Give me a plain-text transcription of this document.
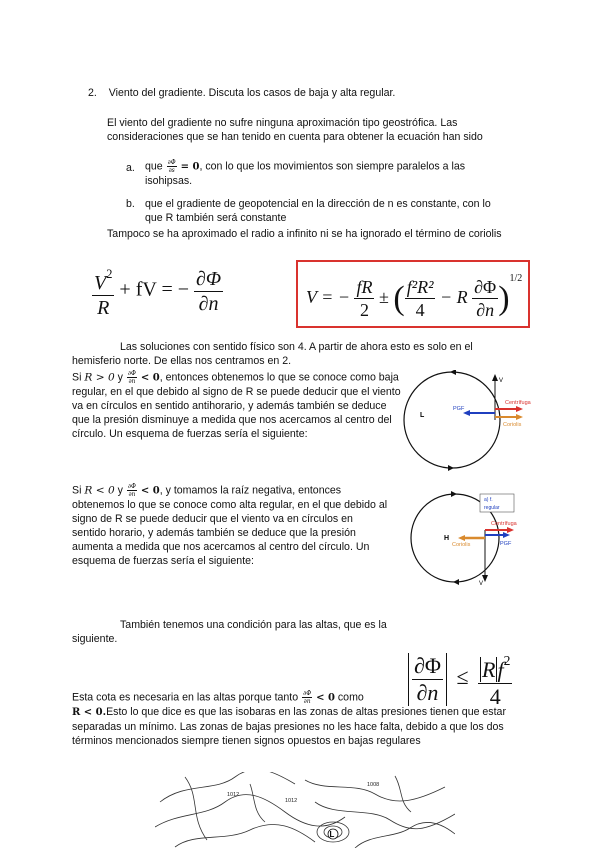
2. Viento del gradiente. Discuta los casos de baja y alta regular.
El viento del gradiente no sufre ninguna aproximación tipo geostrófica. Las consideraciones que se han tenido en cuenta para obtener la ecuación han sido
a. que $\frac{\partial\Phi}{\partial s} = 0$, con lo que los movimientos son siempre paralelos a las isohipsas.
b. que el gradiente de geopotencial en la dirección de n es constante, con lo que R también será constante
Tampoco se ha aproximado el radio a infinito ni se ha ignorado el término de coriolis
$\frac{V^2}{R}$ + fV = − $\frac{\partial\Phi}{\partial n}$	V = − $\frac{fR}{2}$ ± ( $\frac{\text{f²R²}}{4} - R \frac{\partial\Phi}{\partial n} )^{1/2}$
Las soluciones con sentido físico son 4. A partir de ahora esto es solo en el hemisferio norte. De ellas nos centramos en 2.
Si R > 0 y $\frac{\partial\Phi}{\partial n} < 0$, entonces obtenemos lo que se conoce como baja regular, en el que debido al signo de R se puede deducir que el viento va en círculos en sentido antihorario, y además también se deduce que la presión disminuye a medida que nos acercamos al centro del círculo. Un esquema de fuerzas sería el siguiente:
V
PGF
Centrífuga
Coriolis
L
Si R < 0 y $\frac{\partial\Phi}{\partial n} < 0$, y tomamos la raíz negativa, entonces obtenemos lo que se conoce como alta regular, en el que debido al signo de R se puede deducir que el viento va en círculos en sentido horario, y además también se deduce que la presión aumenta a medida que nos acercamos al centro del círculo. Un esquema de fuerzas sería el siguiente:
a) f.
regular
V
Centrífuga
PGF
Coriolis
H
También tenemos una condición para las altas, que es la siguiente.
$\frac{\partial\Phi}{\partial n} \le \frac{Rf^2}{4}$
Esta cota es necesaria en las altas porque tanto $\frac{\partial\Phi}{\partial n} < 0$ como
R < 0.Esto lo que dice es que las isobaras en las zonas de altas presiones tienen que estar separadas un mínimo. Las zonas de bajas presiones no les hace falta, debido a que los dos términos mencionados siempre tienen signos opuestos en bajas regulares
1012
1012
1008
L
